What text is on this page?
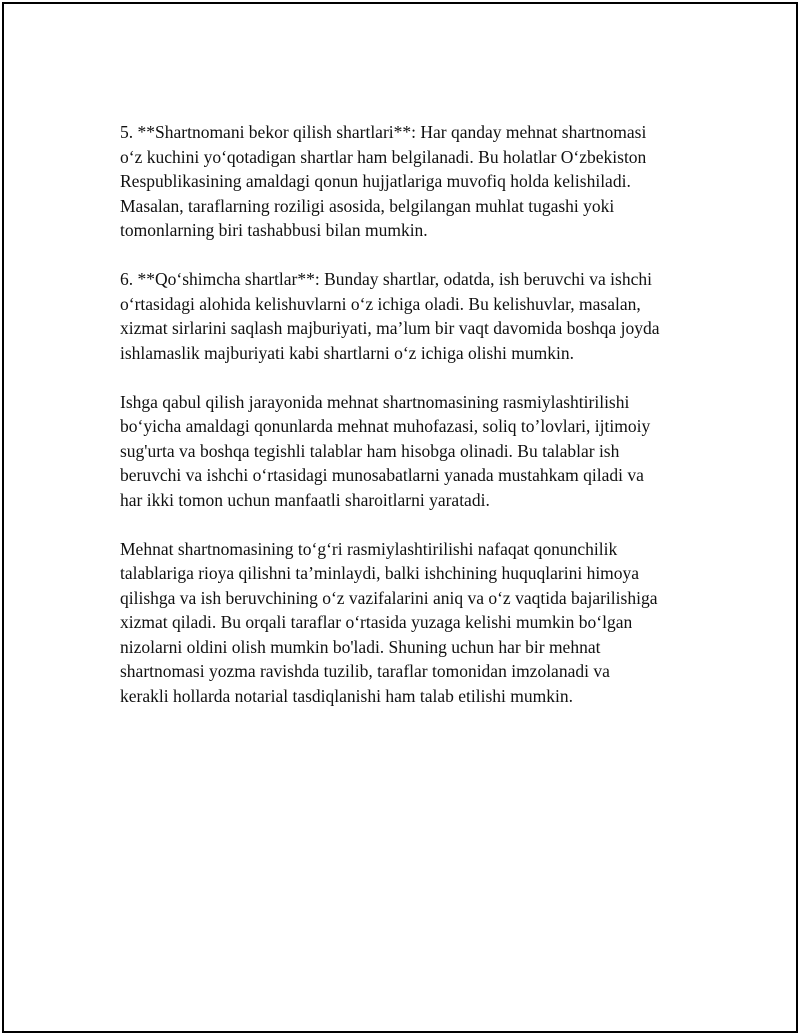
5. **Shartnomani bekor qilish shartlari**: Har qanday mehnat shartnomasi
o‘z kuchini yo‘qotadigan shartlar ham belgilanadi. Bu holatlar O‘zbekiston
Respublikasining amaldagi qonun hujjatlariga muvofiq holda kelishiladi.
Masalan, taraflarning roziligi asosida, belgilangan muhlat tugashi yoki
tomonlarning biri tashabbusi bilan mumkin.

6. **Qo‘shimcha shartlar**: Bunday shartlar, odatda, ish beruvchi va ishchi
o‘rtasidagi alohida kelishuvlarni o‘z ichiga oladi. Bu kelishuvlar, masalan,
xizmat sirlarini saqlash majburiyati, ma’lum bir vaqt davomida boshqa joyda
ishlamaslik majburiyati kabi shartlarni o‘z ichiga olishi mumkin.

Ishga qabul qilish jarayonida mehnat shartnomasining rasmiylashtirilishi
bo‘yicha amaldagi qonunlarda mehnat muhofazasi, soliq to’lovlari, ijtimoiy
sug'urta va boshqa tegishli talablar ham hisobga olinadi. Bu talablar ish
beruvchi va ishchi o‘rtasidagi munosabatlarni yanada mustahkam qiladi va
har ikki tomon uchun manfaatli sharoitlarni yaratadi.

Mehnat shartnomasining to‘g‘ri rasmiylashtirilishi nafaqat qonunchilik
talablariga rioya qilishni ta’minlaydi, balki ishchining huquqlarini himoya
qilishga va ish beruvchining o‘z vazifalarini aniq va o‘z vaqtida bajarilishiga
xizmat qiladi. Bu orqali taraflar o‘rtasida yuzaga kelishi mumkin bo‘lgan
nizolarni oldini olish mumkin bo'ladi. Shuning uchun har bir mehnat
shartnomasi yozma ravishda tuzilib, taraflar tomonidan imzolanadi va
kerakli hollarda notarial tasdiqlanishi ham talab etilishi mumkin.
